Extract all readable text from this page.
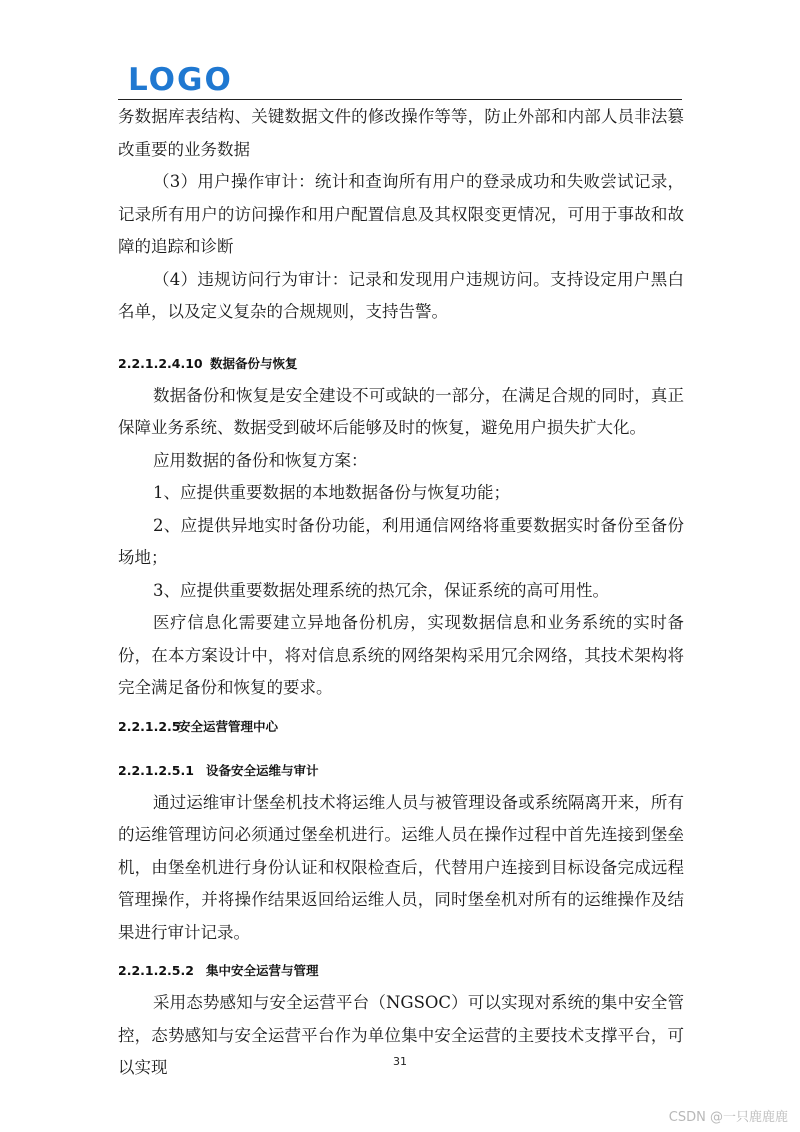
LOGO

务数据库表结构、关键数据文件的修改操作等等，防止外部和内部人员非法篡改重要的业务数据

（3）用户操作审计：统计和查询所有用户的登录成功和失败尝试记录，记录所有用户的访问操作和用户配置信息及其权限变更情况，可用于事故和故障的追踪和诊断

（4）违规访问行为审计：记录和发现用户违规访问。支持设定用户黑白名单，以及定义复杂的合规规则，支持告警。

2.2.1.2.4.10 数据备份与恢复

数据备份和恢复是安全建设不可或缺的一部分，在满足合规的同时，真正保障业务系统、数据受到破坏后能够及时的恢复，避免用户损失扩大化。

应用数据的备份和恢复方案：

1、应提供重要数据的本地数据备份与恢复功能；

2、应提供异地实时备份功能，利用通信网络将重要数据实时备份至备份场地；

3、应提供重要数据处理系统的热冗余，保证系统的高可用性。

医疗信息化需要建立异地备份机房，实现数据信息和业务系统的实时备份，在本方案设计中，将对信息系统的网络架构采用冗余网络，其技术架构将完全满足备份和恢复的要求。

2.2.1.2.5安全运营管理中心

2.2.1.2.5.1 设备安全运维与审计

通过运维审计堡垒机技术将运维人员与被管理设备或系统隔离开来，所有的运维管理访问必须通过堡垒机进行。运维人员在操作过程中首先连接到堡垒机，由堡垒机进行身份认证和权限检查后，代替用户连接到目标设备完成远程管理操作，并将操作结果返回给运维人员，同时堡垒机对所有的运维操作及结果进行审计记录。

2.2.1.2.5.2 集中安全运营与管理

采用态势感知与安全运营平台（NGSOC）可以实现对系统的集中安全管控，态势感知与安全运营平台作为单位集中安全运营的主要技术支撑平台，可以实现	31
CSDN @一只鹿鹿鹿
